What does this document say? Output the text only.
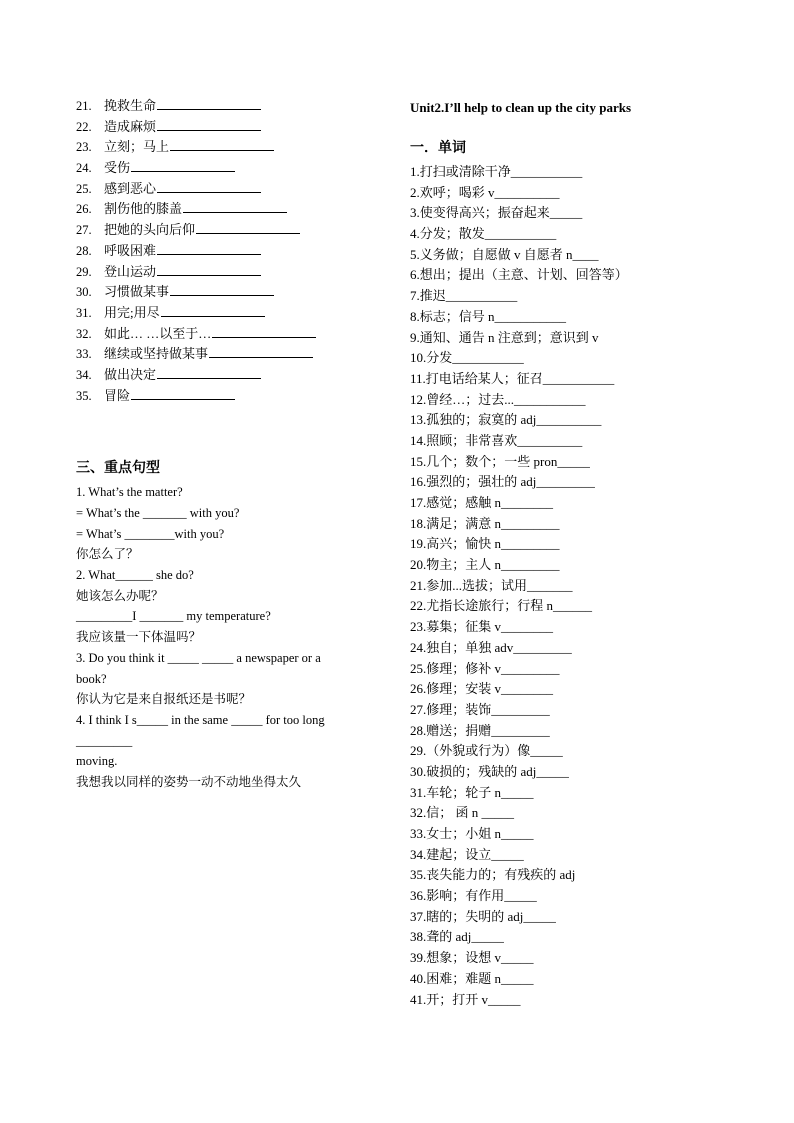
21. 挽救生命
22. 造成麻烦
23. 立刻；马上
24. 受伤
25. 感到恶心
26. 割伤他的膝盖
27. 把她的头向后仰
28. 呼吸困难
29. 登山运动
30. 习惯做某事
31. 用完;用尽
32. 如此… …以至于…
33. 继续或坚持做某事
34. 做出决定
35. 冒险
三、重点句型
1. What’s the matter?
= What’s the _______ with you?
= What’s ________with you?
你怎么了？
2. What______ she do?
她该怎么办呢？
_________I _______ my temperature?
我应该量一下体温吗？
3. Do you think it _____ _____ a newspaper or a
book?
你认为它是来自报纸还是书呢？
4. I think I s_____ in the same _____ for too long
_________
moving.
我想我以同样的姿势一动不动地坐得太久
Unit2.I’ll help to clean up the city parks
一．单词
1.打扫或清除干净___________
2.欢呼；喝彩 v__________
3.使变得高兴；振奋起来_____
4.分发；散发___________
5.义务做；自愿做 v 自愿者 n____
6.想出；提出（主意、计划、回答等）
7.推迟___________
8.标志；信号 n___________
9.通知、通告 n 注意到；意识到 v
10.分发___________
11.打电话给某人；征召___________
12.曾经…；过去...___________
13.孤独的；寂寞的 adj__________
14.照顾；非常喜欢__________
15.几个；数个；一些 pron_____
16.强烈的；强壮的 adj_________
17.感觉；感触 n________
18.满足；满意 n_________
19.高兴；愉快 n_________
20.物主；主人 n_________
21.参加...选拔；试用_______
22.尤指长途旅行；行程 n______
23.募集；征集 v________
24.独自；单独 adv_________
25.修理；修补 v_________
26.修理；安装 v________
27.修理；装饰_________
28.赠送；捐赠_________
29.（外貌或行为）像_____
30.破损的；残缺的 adj_____
31.车轮；轮子 n_____
32.信； 函 n _____
33.女士；小姐 n_____
34.建起；设立_____
35.丧失能力的；有残疾的 adj
36.影响；有作用_____
37.瞎的；失明的 adj_____
38.聋的 adj_____
39.想象；设想 v_____
40.困难；难题 n_____
41.开；打开 v_____
